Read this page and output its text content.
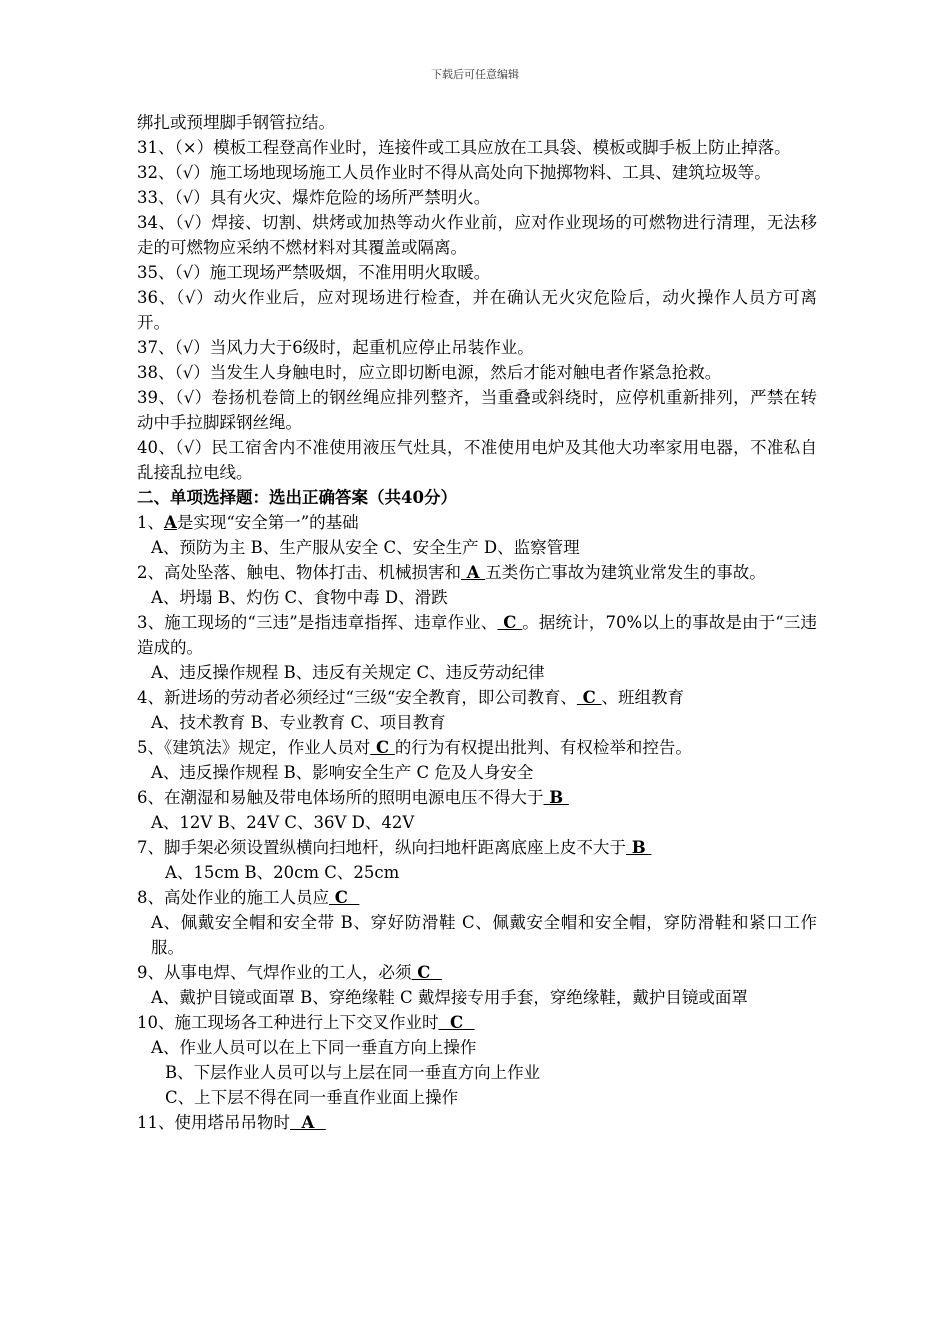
下载后可任意编辑
绑扎或预埋脚手钢管拉结。
31、（×）模板工程登高作业时，连接件或工具应放在工具袋、模板或脚手板上防止掉落。
32、（√）施工场地现场施工人员作业时不得从高处向下抛掷物料、工具、建筑垃圾等。
33、（√）具有火灾、爆炸危险的场所严禁明火。
34、（√）焊接、切割、烘烤或加热等动火作业前，应对作业现场的可燃物进行清理，无法移走的可燃物应采纳不燃材料对其覆盖或隔离。
35、（√）施工现场严禁吸烟，不准用明火取暖。
36、（√）动火作业后，应对现场进行检查，并在确认无火灾危险后，动火操作人员方可离开。
37、（√）当风力大于6级时，起重机应停止吊装作业。
38、（√）当发生人身触电时，应立即切断电源，然后才能对触电者作紧急抢救。
39、（√）卷扬机卷筒上的钢丝绳应排列整齐，当重叠或斜绕时，应停机重新排列，严禁在转动中手拉脚踩钢丝绳。
40、（√）民工宿舍内不准使用液压气灶具，不准使用电炉及其他大功率家用电器，不准私自乱接乱拉电线。
二、单项选择题：选出正确答案（共40分）
1、A是实现“安全第一”的基础
A、预防为主 B、生产服从安全 C、安全生产 D、监察管理
2、高处坠落、触电、物体打击、机械损害和 A 五类伤亡事故为建筑业常发生的事故。
A、坍塌 B、灼伤 C、食物中毒 D、滑跌
3、施工现场的“三违”是指违章指挥、违章作业、 C 。据统计，70%以上的事故是由于“三违造成的。
A、违反操作规程 B、违反有关规定 C、违反劳动纪律
4、新进场的劳动者必须经过“三级“安全教育，即公司教育、 C 、班组教育
A、技术教育 B、专业教育 C、项目教育
5、《建筑法》规定，作业人员对 C 的行为有权提出批判、有权检举和控告。
A、违反操作规程 B、影响安全生产 C 危及人身安全
6、在潮湿和易触及带电体场所的照明电源电压不得大于 B
A、12V B、24V C、36V D、42V
7、脚手架必须设置纵横向扫地杆，纵向扫地杆距离底座上皮不大于 B
A、15cm B、20cm C、25cm
8、高处作业的施工人员应 C
A、佩戴安全帽和安全带 B、穿好防滑鞋 C、佩戴安全帽和安全帽，穿防滑鞋和紧口工作服。
9、从事电焊、气焊作业的工人，必须 C
A、戴护目镜或面罩 B、穿绝缘鞋 C 戴焊接专用手套，穿绝缘鞋，戴护目镜或面罩
10、施工现场各工种进行上下交叉作业时  C
A、作业人员可以在上下同一垂直方向上操作
B、下层作业人员可以与上层在同一垂直方向上作业
C、上下层不得在同一垂直作业面上操作
11、使用塔吊吊物时  A
